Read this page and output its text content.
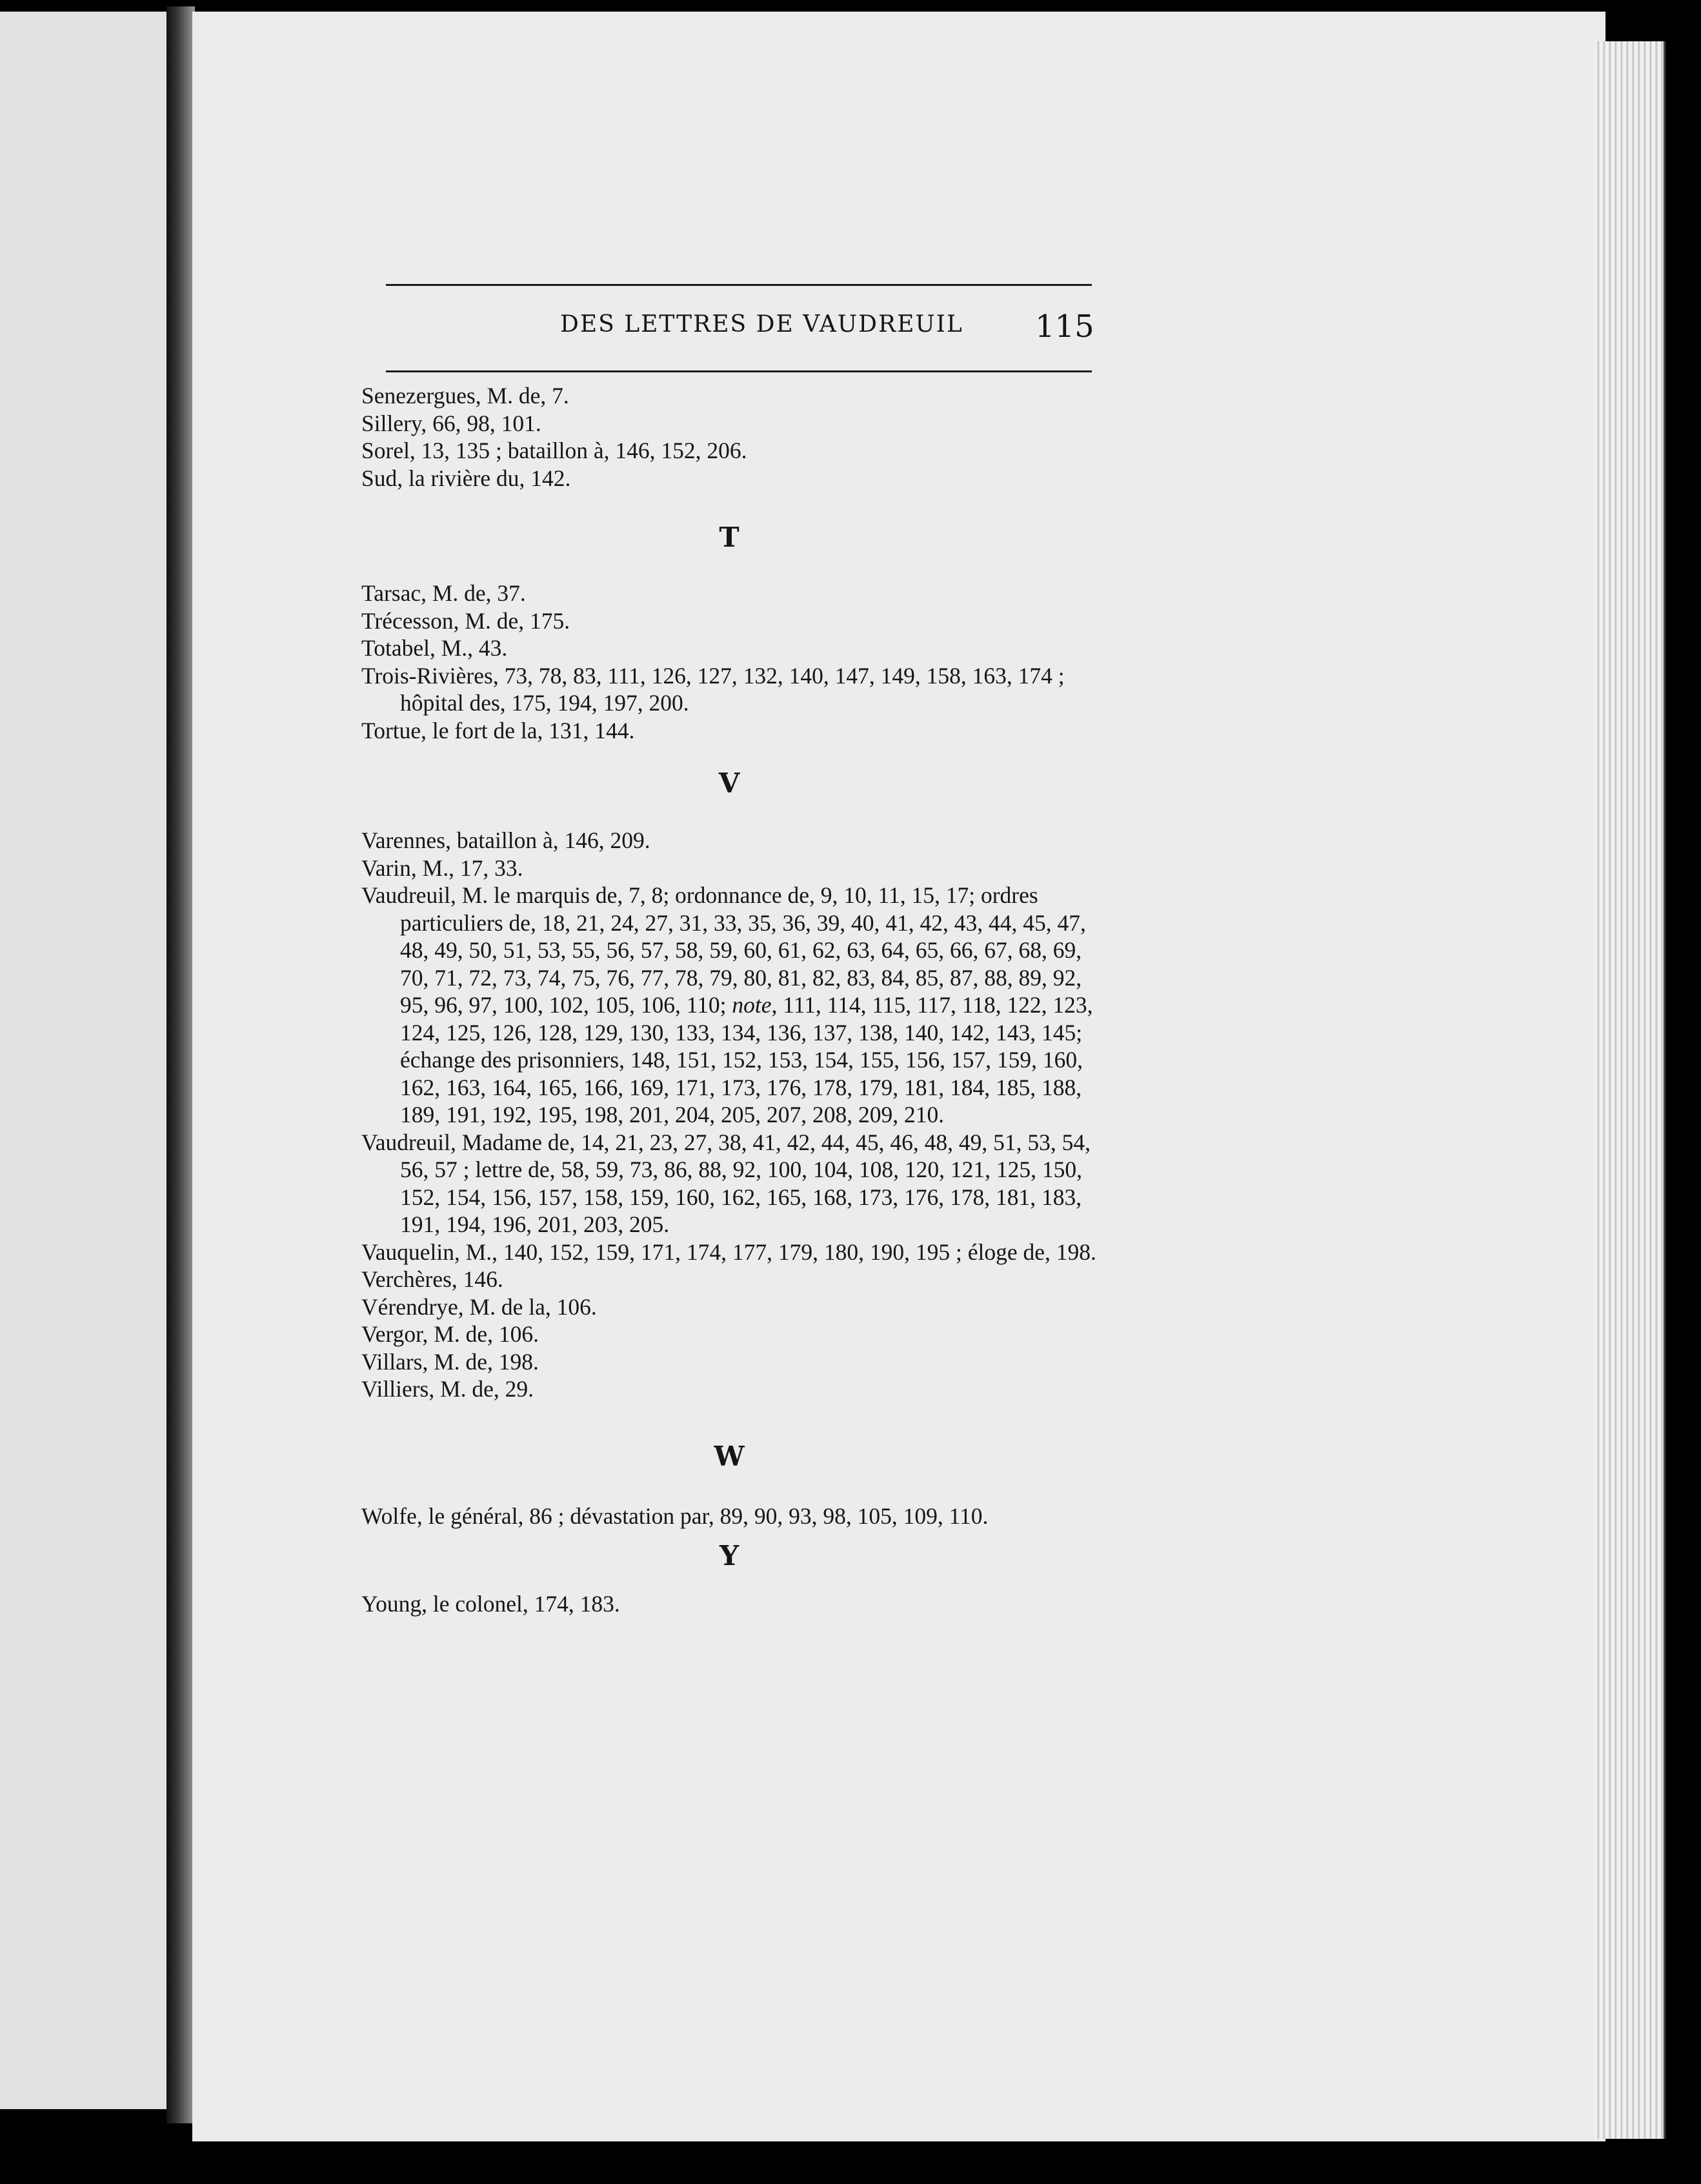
DES LETTRES DE VAUDREUIL 115

Senezergues, M. de, 7.

Sillery, 66, 98, 101.

Sorel, 13, 135 ; bataillon à, 146, 152, 206.

Sud, la rivière du, 142.

T

Tarsac, M. de, 37.

Trécesson, M. de, 175.

Totabel, M., 43.

Trois-Rivières, 73, 78, 83, 111, 126, 127, 132, 140, 147, 149, 158, 163, 174 ; hôpital des, 175, 194, 197, 200.

Tortue, le fort de la, 131, 144.

V

Varennes, bataillon à, 146, 209.

Varin, M., 17, 33.

Vaudreuil, M. le marquis de, 7, 8; ordonnance de, 9, 10, 11, 15, 17; ordres particuliers de, 18, 21, 24, 27, 31, 33, 35, 36, 39, 40, 41, 42, 43, 44, 45, 47, 48, 49, 50, 51, 53, 55, 56, 57, 58, 59, 60, 61, 62, 63, 64, 65, 66, 67, 68, 69, 70, 71, 72, 73, 74, 75, 76, 77, 78, 79, 80, 81, 82, 83, 84, 85, 87, 88, 89, 92, 95, 96, 97, 100, 102, 105, 106, 110; note, 111, 114, 115, 117, 118, 122, 123, 124, 125, 126, 128, 129, 130, 133, 134, 136, 137, 138, 140, 142, 143, 145; échange des prisonniers, 148, 151, 152, 153, 154, 155, 156, 157, 159, 160, 162, 163, 164, 165, 166, 169, 171, 173, 176, 178, 179, 181, 184, 185, 188, 189, 191, 192, 195, 198, 201, 204, 205, 207, 208, 209, 210.

Vaudreuil, Madame de, 14, 21, 23, 27, 38, 41, 42, 44, 45, 46, 48, 49, 51, 53, 54, 56, 57 ; lettre de, 58, 59, 73, 86, 88, 92, 100, 104, 108, 120, 121, 125, 150, 152, 154, 156, 157, 158, 159, 160, 162, 165, 168, 173, 176, 178, 181, 183, 191, 194, 196, 201, 203, 205.

Vauquelin, M., 140, 152, 159, 171, 174, 177, 179, 180, 190, 195 ; éloge de, 198.

Verchères, 146.

Vérendrye, M. de la, 106.

Vergor, M. de, 106.

Villars, M. de, 198.

Villiers, M. de, 29.

W

Wolfe, le général, 86 ; dévastation par, 89, 90, 93, 98, 105, 109, 110.

Y

Young, le colonel, 174, 183.
